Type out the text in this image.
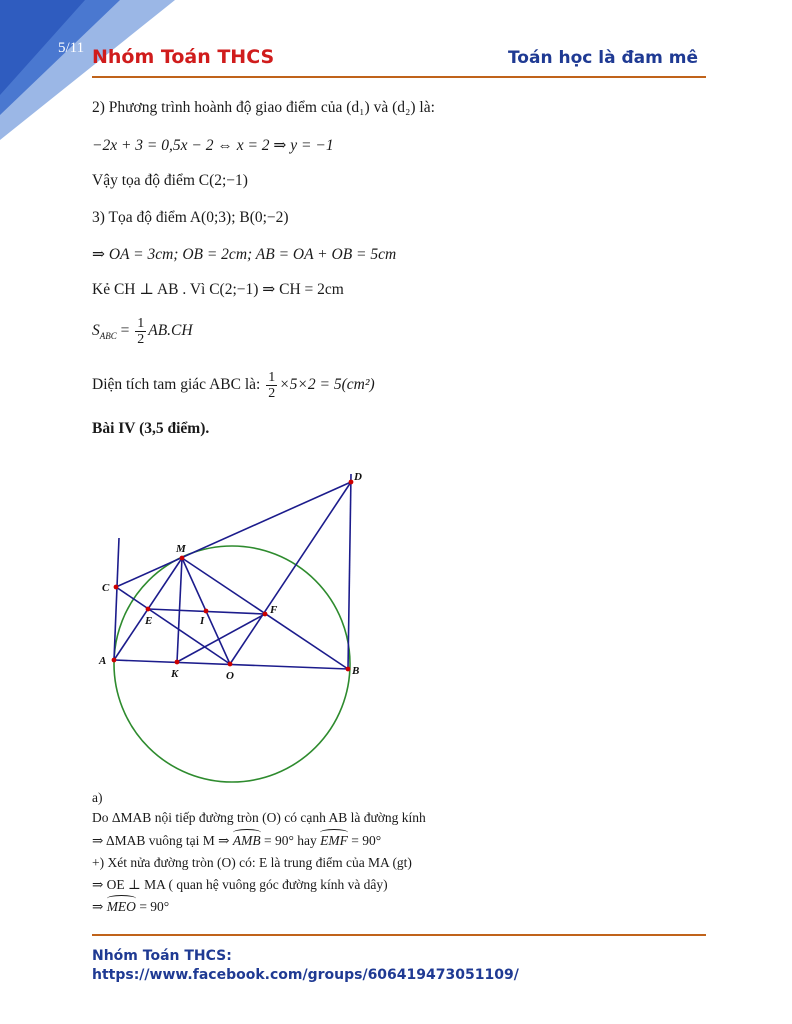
5/11 Nhóm Toán THCS	Toán học là đam mê
2) Phương trình hoành độ giao điểm của (d₁) và (d₂) là:
−2x + 3 = 0,5x − 2 ⇔ x = 2 ⇒ y = −1
Vậy tọa độ điểm C(2;−1)
3) Tọa độ điểm A(0;3); B(0;−2)
⇒ OA = 3cm; OB = 2cm; AB = OA + OB = 5cm
Kẻ CH ⊥ AB . Vì C(2;−1) ⇒ CH = 2cm
$S_{ABC} = \frac{1}{2} AB.CH$
Diện tích tam giác ABC là: $\frac{1}{2} \times 5\times 2 = 5(cm^2)$
Bài IV (3,5 điểm).
D
M
C
E	I
F
A
K	O	B
a)
Do ΔMAB nội tiếp đường tròn (O) có cạnh AB là đường kính
⇒ ΔMAB vuông tại M ⇒ AMB = 90° hay EMF = 90°
+) Xét nửa đường tròn (O) có: E là trung điểm của MA (gt)
⇒ OE ⊥ MA ( quan hệ vuông góc đường kính và dây)
⇒ MEO = 90°
Nhóm Toán THCS:
https://www.facebook.com/groups/606419473051109/
